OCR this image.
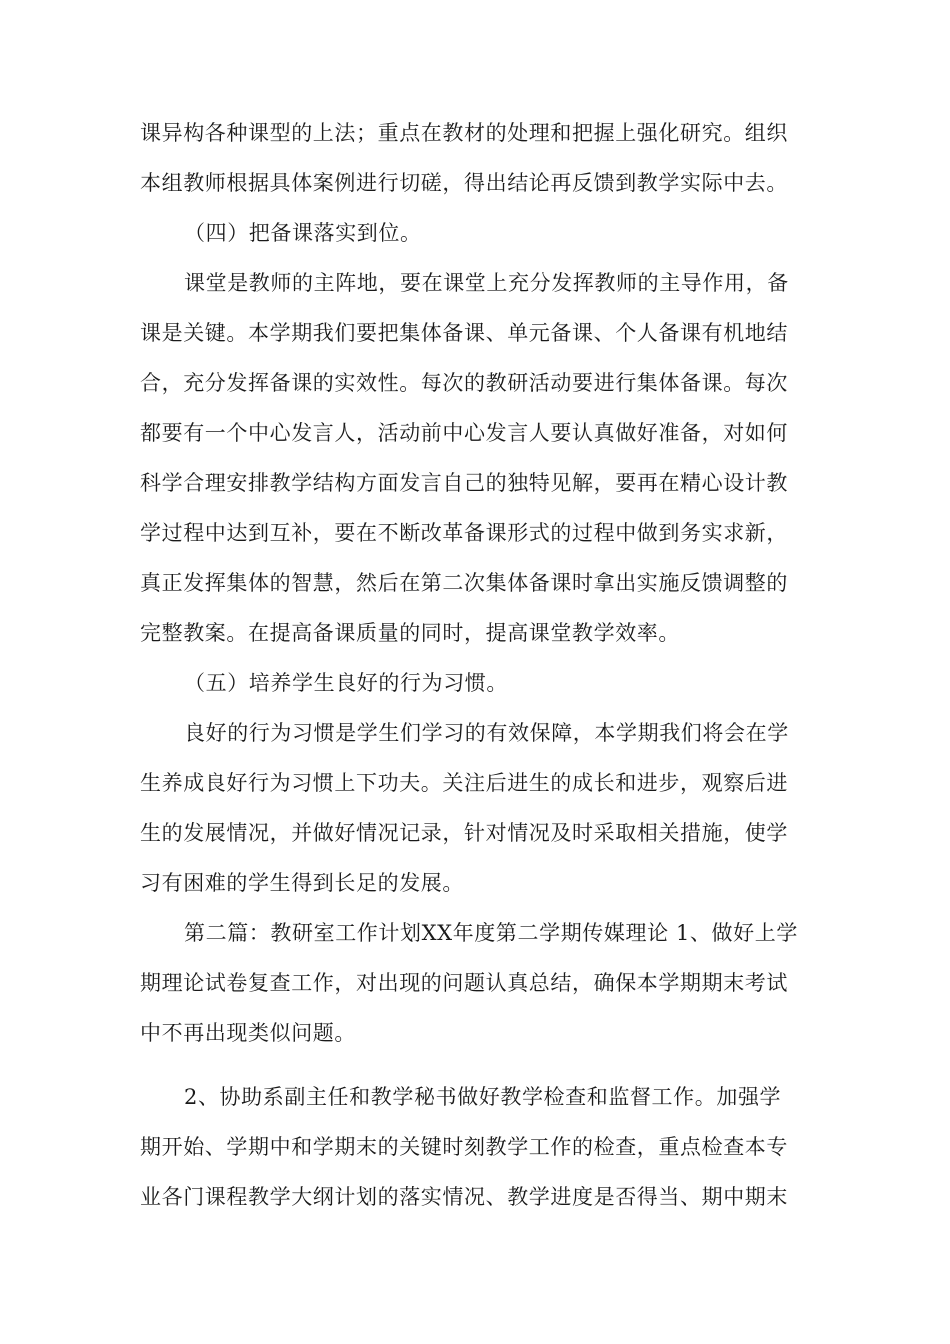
课异构各种课型的上法；重点在教材的处理和把握上强化研究。组织
本组教师根据具体案例进行切磋，得出结论再反馈到教学实际中去。
（四）把备课落实到位。
课堂是教师的主阵地，要在课堂上充分发挥教师的主导作用，备
课是关键。本学期我们要把集体备课、单元备课、个人备课有机地结
合，充分发挥备课的实效性。每次的教研活动要进行集体备课。每次
都要有一个中心发言人，活动前中心发言人要认真做好准备，对如何
科学合理安排教学结构方面发言自己的独特见解，要再在精心设计教
学过程中达到互补，要在不断改革备课形式的过程中做到务实求新，
真正发挥集体的智慧，然后在第二次集体备课时拿出实施反馈调整的
完整教案。在提高备课质量的同时，提高课堂教学效率。
（五）培养学生良好的行为习惯。
良好的行为习惯是学生们学习的有效保障，本学期我们将会在学
生养成良好行为习惯上下功夫。关注后进生的成长和进步，观察后进
生的发展情况，并做好情况记录，针对情况及时采取相关措施，使学
习有困难的学生得到长足的发展。
第二篇：教研室工作计划XX年度第二学期传媒理论 1、做好上学
期理论试卷复查工作，对出现的问题认真总结，确保本学期期末考试
中不再出现类似问题。
2、协助系副主任和教学秘书做好教学检查和监督工作。加强学
期开始、学期中和学期末的关键时刻教学工作的检查，重点检查本专
业各门课程教学大纲计划的落实情况、教学进度是否得当、期中期末
